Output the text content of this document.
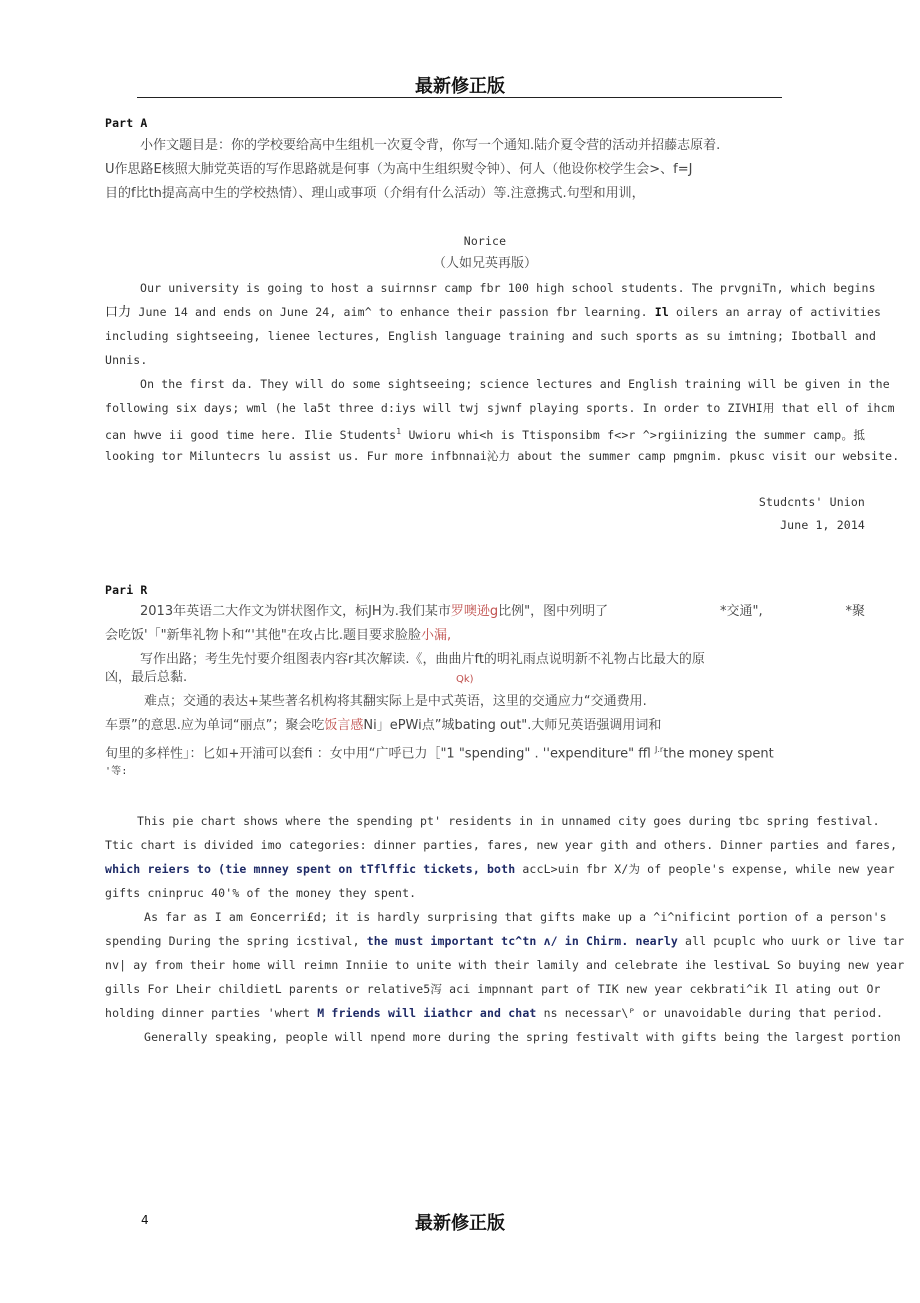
最新修正版
Part A
小作文题目是：你的学校要给高中生组机一次夏令背，你写一个通知.陆介夏令营的活动并招藤志原着.
U作思路E核照大肺党英语的写作思路就是何事（为高中生组织熨令钟）、何人（他设你校学生会>、f=J
目的f比th提高高中生的学校热情）、理山或事项（介绢有什么活动）等.注意携式.句型和用训，
Norice
（人如兄英再版）
Our university is going to host a suirnnsr camp fbr 100 high school students. The prvgniTn, which begins
口力 June 14 and ends on June 24, aim^ to enhance their passion fbr learning. Il oilers an array of activities
including sightseeing, lienee lectures, English language training and such sports as su imtning; Ibotball and
Unnis.
On the first da. They will do some sightseeing; science lectures and English training will be given in the
following six days; wml (he la5t three d:iys will twj sjwnf playing sports. In order to ZIVHI用 that ell of ihcm
can hwve ii good time here. Ilie Students$^1$ Uwioru whi<h is Ttisponsibm f<>r ^>rgiinizing the summer camp。抵
looking tor Miluntecrs lu assist us. Fur more infbnnai沁力 about the summer camp pmgnim. pkusc visit our website.
Studcnts' Union
June 1, 2014
Pari R
2013年英语二大作文为饼状图作文，标JH为.我们某市罗噢逊g比例"，图中列明了	*交通",	*聚
会吃饭'「"新隼礼物卜和“'其他"在攻占比.题目要求脸脸小漏,
写作出路；考生先忖要介组图表内容r其次解读.《，曲曲片ft的明礼雨点说明新不礼物占比最大的原
凶，最后总黏.	Qk)
难点；交通的表达+某些著名机构将其翻实际上是中式英语，这里的交通应力“交通费用.
车票”的意思.应为单词“丽点”；聚会吃饭言感Ni」ePWi点”城bating out".大师兄英语强调用词和
旬里的多样性」：匕如+开浦可以套fi ：女中用“广呼已力［"1 "spending" . ''expenditure" ffl $^{J.r}$the money spent
'等:
This pie chart shows where the spending pt' residents in in unnamed city goes during tbc spring festival.
Ttic chart is divided imo categories: dinner parties, fares, new year gith and others. Dinner parties and fares,
which reiers to (tie mnney spent on tTflffic tickets, both accL>uin fbr X/为 of people's expense, while new year
gifts cninpruc 40'% of the money they spent.
As far as I am ∈oncerri£d; it is hardly surprising that gifts make up a ^i^nificint portion of a person's
spending During the spring icstival, the must important tc^tn ʌ/ in Chirm. nearly all pcuplc who uurk or live tar
nv| ay from their home will reimn Inniie to unite with their lamily and celebrate ihe lestivaL So buying new year
gills For Lheir childietL parents or relative5泻 aci impnnant part of TIK new year cekbrati^ik Il ating out Or
holding dinner parties 'whert M friends will iiathcr and chat ns necessar\ᴾ or unavoidable during that period.
Generally speaking, people will npend more during the spring festivalt with gifts being the largest portion
4	最新修正版
